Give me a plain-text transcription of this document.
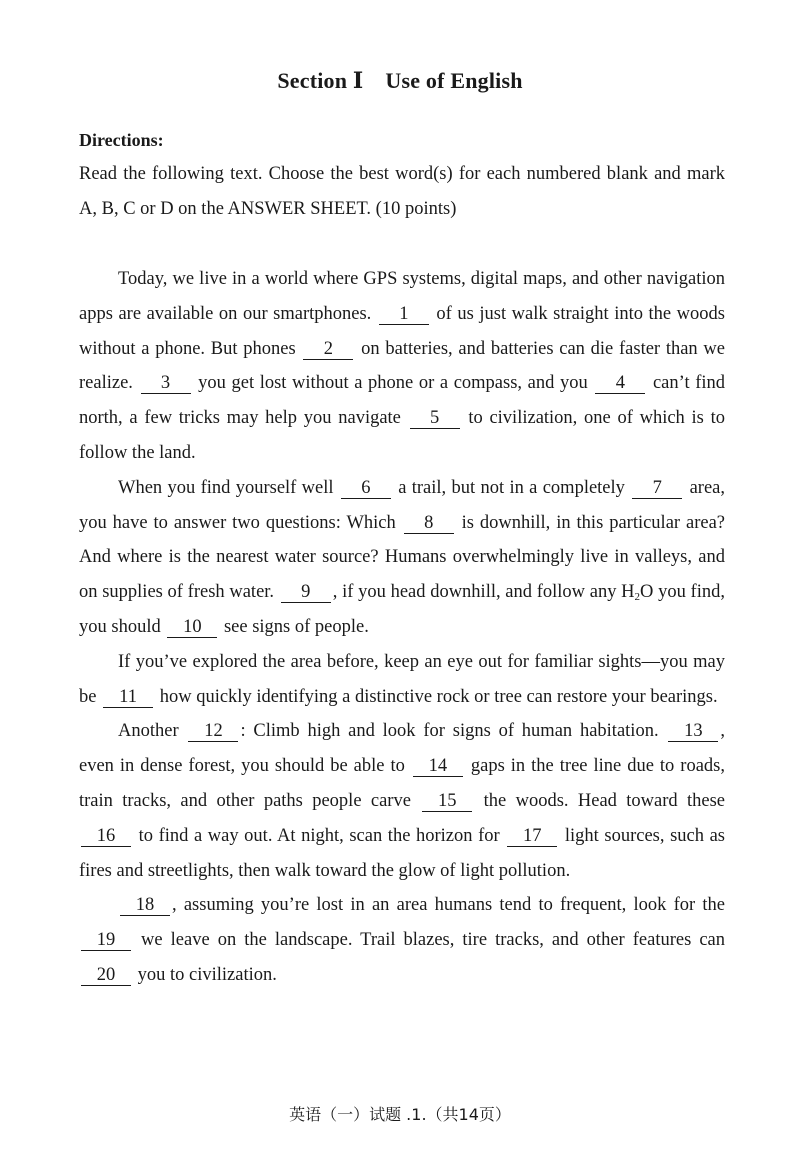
Section Ⅰ Use of English
Directions:

Read the following text. Choose the best word(s) for each numbered blank and mark A, B, C or D on the ANSWER SHEET. (10 points)

Today, we live in a world where GPS systems, digital maps, and other navigation apps are available on our smartphones. 1 of us just walk straight into the woods without a phone. But phones 2 on batteries, and batteries can die faster than we realize. 3 you get lost without a phone or a compass, and you 4 can’t find north, a few tricks may help you navigate 5 to civilization, one of which is to follow the land.

When you find yourself well 6 a trail, but not in a completely 7 area, you have to answer two questions: Which 8 is downhill, in this particular area? And where is the nearest water source? Humans overwhelmingly live in valleys, and on supplies of fresh water. 9 , if you head downhill, and follow any $H_2O$ you find, you should 10 see signs of people.

If you’ve explored the area before, keep an eye out for familiar sights—you may be 11 how quickly identifying a distinctive rock or tree can restore your bearings.

Another 12 : Climb high and look for signs of human habitation. 13 , even in dense forest, you should be able to 14 gaps in the tree line due to roads, train tracks, and other paths people carve 15 the woods. Head toward these 16 to find a way out. At night, scan the horizon for 17 light sources, such as fires and streetlights, then walk toward the glow of light pollution.

18 , assuming you’re lost in an area humans tend to frequent, look for the 19 we leave on the landscape. Trail blazes, tire tracks, and other features can 20 you to civilization.

英语（一）试题 .1.（共14页）
